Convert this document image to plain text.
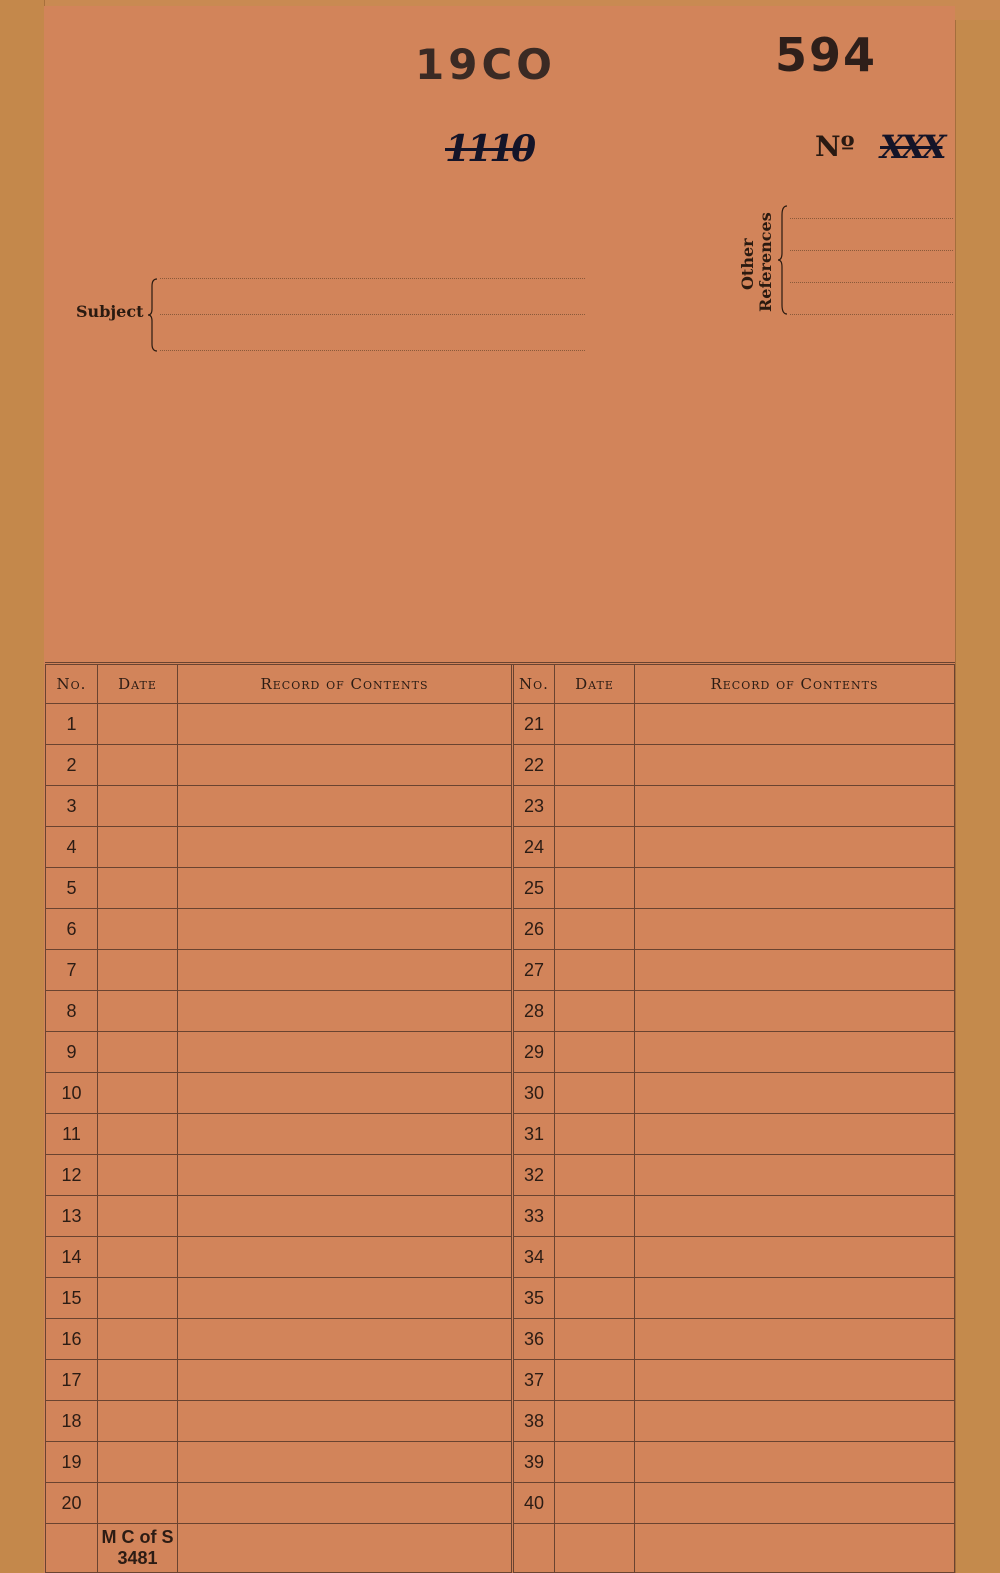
19CO	594
1110	Nº XXX
Subject
Other References
No.	Date	Record of Contents	No.	Date	Record of Contents
1			21		
2			22		
3			23		
4			24		
5			25		
6			26		
7			27		
8			28		
9			29		
10			30		
11			31		
12			32		
13			33		
14			34		
15			35		
16			36		
17			37		
18			38		
19			39		
20			40		
	M C of S 3481				
